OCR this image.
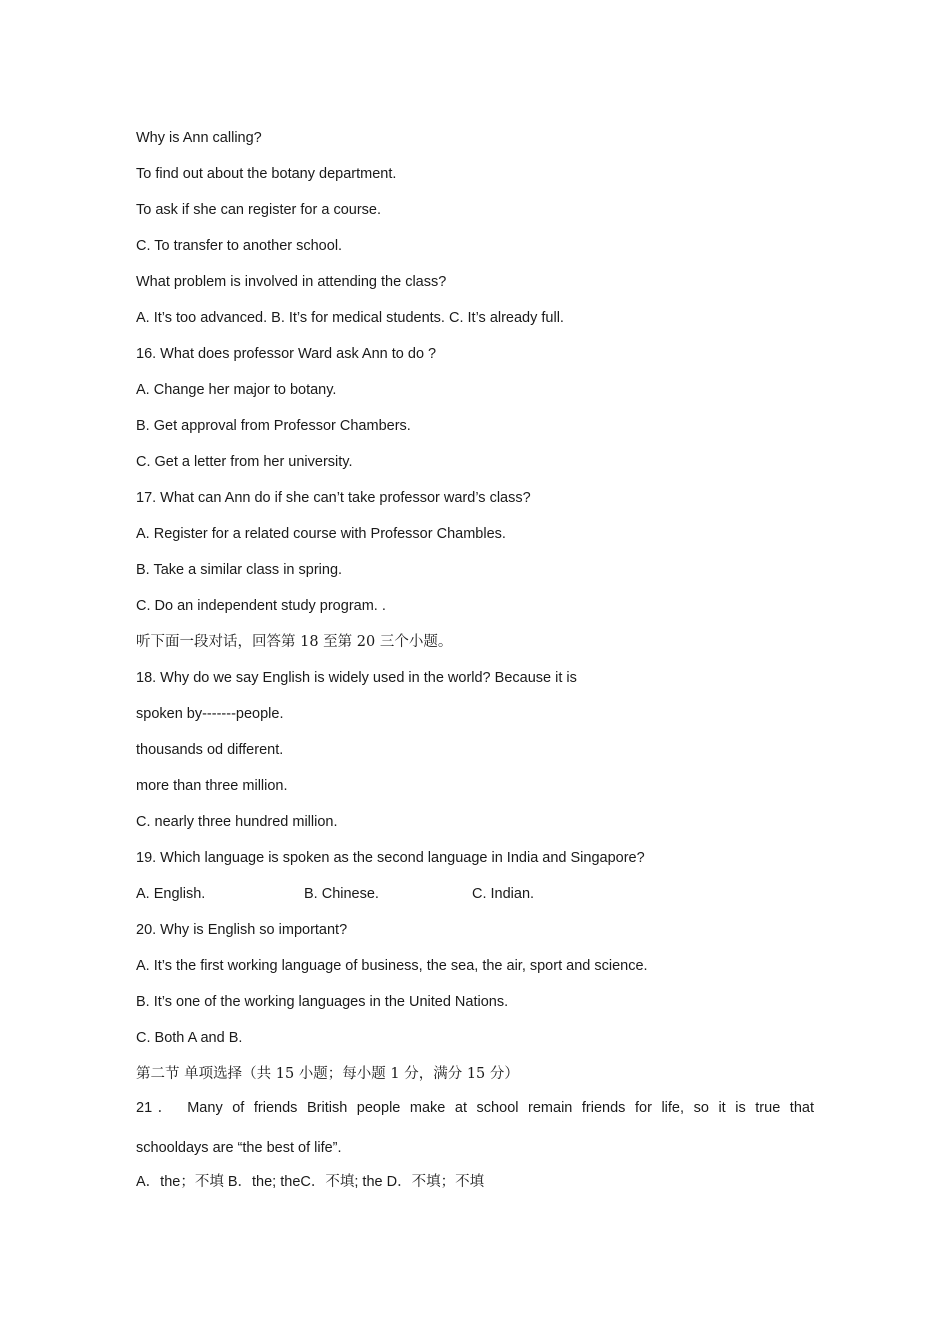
Why is Ann calling?
To find out about the botany department.
To ask if she can register for a course.
C. To transfer to another school.
What problem is involved in attending the class?
A. It’s too advanced. B. It’s for medical students. C. It’s already full.
16. What does professor Ward ask Ann to do ?
A. Change her major to botany.
B. Get approval from Professor Chambers.
C. Get a letter from her university.
17. What can Ann do if she can’t take professor ward’s class?
A. Register for a related course with Professor Chambles.
B. Take a similar class in spring.
C. Do an independent study program. .
听下面一段对话，回答第 18 至第 20 三个小题。
18. Why do we say English is widely used in the world? Because it is
spoken by-------people.
thousands od different.
more than three million.
C. nearly three hundred million.
19. Which language is spoken as the second language in India and Singapore?
A. English.	B. Chinese.	C. Indian.
20. Why is English so important?
A. It’s the first working language of business, the sea, the air, sport and science.
B. It’s one of the working languages in the United Nations.
C. Both A and B.
第二节 单项选择（共 15 小题；每小题 1 分，满分 15 分）
21． Many of friends British people make at school remain friends for life, so it is true that
schooldays are “the best of life”.
A．the；不填 B．the; theC．不填; the D．不填；不填
